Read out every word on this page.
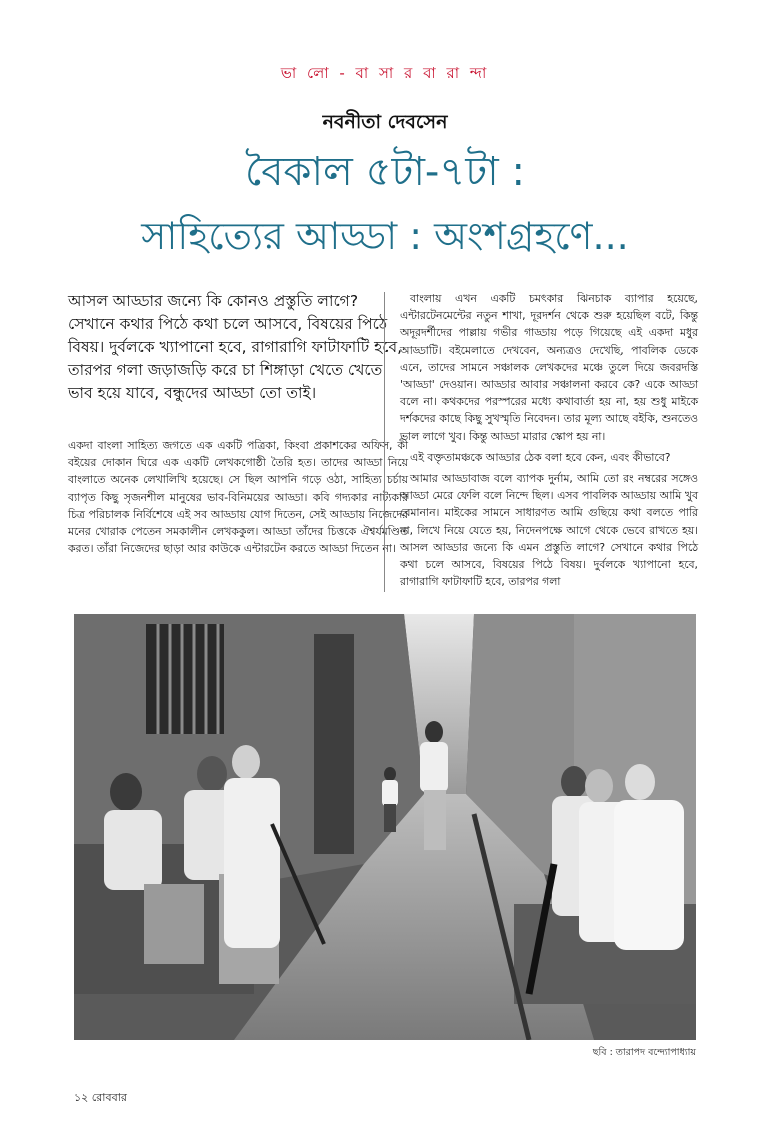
ভা লো - বা সা র বা রা ন্দা
নবনীতা দেবসেন
বৈকাল ৫টা-৭টা :
সাহিত্যের আড্ডা : অংশগ্রহণে...

আসল আড্ডার জন্যে কি কোনও প্রস্তুতি লাগে? সেখানে কথার পিঠে কথা চলে আসবে, বিষয়ের পিঠে বিষয়। দুর্বলকে খ্যাপানো হবে, রাগারাগি ফাটাফাটি হবে, তারপর গলা জড়াজড়ি করে চা শিঙ্গাড়া খেতে খেতে ভাব হয়ে যাবে, বন্ধুদের আড্ডা তো তাই।

একদা বাংলা সাহিত্য জগতে এক একটি পত্রিকা, কিংবা প্রকাশকের অফিস, কী বইয়ের দোকান ঘিরে এক একটি লেখকগোষ্ঠী তৈরি হত। তাদের আড্ডা নিয়ে বাংলাতে অনেক লেখালিখি হয়েছে। সে ছিল আপনি গড়ে ওঠা, সাহিত্য চর্চায় ব্যাপৃত কিছু সৃজনশীল মানুষের ভাব-বিনিময়ের আড্ডা। কবি গদ্যকার নাট্যকার চিত্র পরিচালক নির্বিশেষে এই সব আড্ডায় যোগ দিতেন, সেই আড্ডায় নিজেদের মনের খোরাক পেতেন সমকালীন লেখককুল। আড্ডা তাঁদের চিত্তকে ঐশ্বর্যমণ্ডিত করত। তাঁরা নিজেদের ছাড়া আর কাউকে এন্টারটেন করতে আড্ডা দিতেন না।

বাংলায় এখন একটি চমৎকার ঝিনচাক ব্যাপার হয়েছে, এন্টারটেনমেন্টের নতুন শাখা, দূরদর্শন থেকে শুরু হয়েছিল বটে, কিন্তু অদূরদর্শীদের পাল্লায় গভীর গাড্ডায় পড়ে গিয়েছে এই একদা মধুর আড্ডাটি। বইমেলাতে দেখবেন, অন্যত্রও দেখেছি, পাবলিক ডেকে এনে, তাদের সামনে সঞ্চালক লেখকদের মঞ্চে তুলে দিয়ে জবরদস্তি 'আড্ডা' দেওয়ান। আড্ডার আবার সঞ্চালনা করবে কে? একে আড্ডা বলে না। কথকদের পরস্পরের মধ্যে কথাবার্তা হয় না, হয় শুধু মাইকে দর্শকদের কাছে কিছু সুখস্মৃতি নিবেদন। তার মূল্য আছে বইকি, শুনতেও ভাল লাগে খুব। কিন্তু আড্ডা মারার স্কোপ হয় না।

এই বক্তৃতামঞ্চকে আড্ডার ঠেক বলা হবে কেন, এবং কীভাবে?

আমার আড্ডাবাজ বলে ব্যাপক দুর্নাম, আমি তো রং নম্বরের সঙ্গেও আড্ডা মেরে ফেলি বলে নিন্দে ছিল। এসব পাবলিক আড্ডায় আমি খুব বেমানান। মাইকের সামনে সাধারণত আমি গুছিয়ে কথা বলতে পারি না, লিখে নিয়ে যেতে হয়, নিদেনপক্ষে আগে থেকে ভেবে রাখতে হয়। আসল আড্ডার জন্যে কি এমন প্রস্তুতি লাগে? সেখানে কথার পিঠে কথা চলে আসবে, বিষয়ের পিঠে বিষয়। দুর্বলকে খ্যাপানো হবে, রাগারাগি ফাটাফাটি হবে, তারপর গলা

ছবি : তারাপদ বন্দ্যোপাধ্যায়
১২ রোববার
